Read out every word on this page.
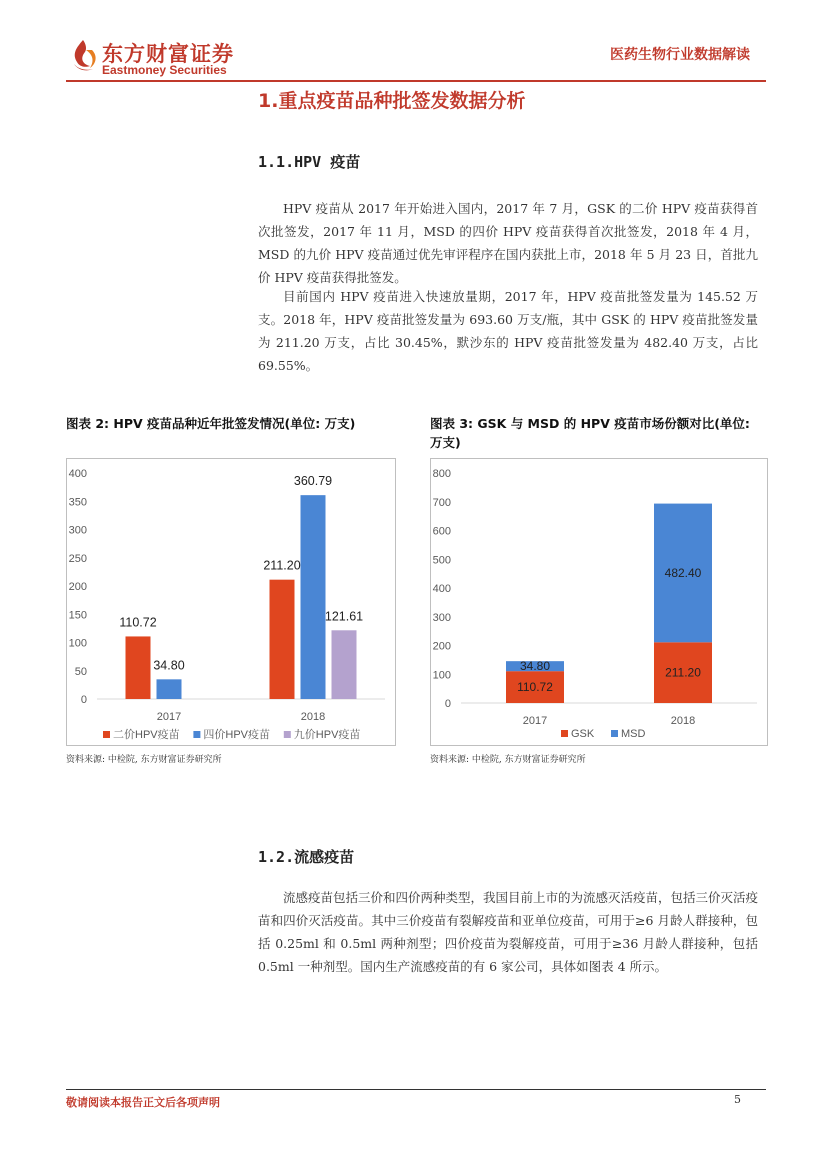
东方财富证券
Eastmoney Securities
医药生物行业数据解读
1.重点疫苗品种批签发数据分析
1.1.HPV 疫苗
HPV 疫苗从 2017 年开始进入国内，2017 年 7 月，GSK 的二价 HPV 疫苗获得首次批签发，2017 年 11 月，MSD 的四价 HPV 疫苗获得首次批签发，2018 年 4 月，MSD 的九价 HPV 疫苗通过优先审评程序在国内获批上市，2018 年 5 月 23 日，首批九价 HPV 疫苗获得批签发。
目前国内 HPV 疫苗进入快速放量期，2017 年，HPV 疫苗批签发量为 145.52 万支。2018 年，HPV 疫苗批签发量为 693.60 万支/瓶，其中 GSK 的 HPV 疫苗批签发量为 211.20 万支，占比 30.45%，默沙东的 HPV 疫苗批签发量为 482.40 万支，占比 69.55%。
图表 2: HPV 疫苗品种近年批签发情况(单位: 万支)
0
50
100
150
200
250
300
350
400
2017
110.72
34.80
2018
211.20
360.79
121.61
二价HPV疫苗 四价HPV疫苗 九价HPV疫苗
资料来源: 中检院, 东方财富证券研究所
图表 3: GSK 与 MSD 的 HPV 疫苗市场份额对比(单位:
万支)
0
100
200
300
400
500
600
700
800
2017
110.72
34.80
2018
211.20
482.40
GSK MSD
资料来源: 中检院, 东方财富证券研究所
1.2.流感疫苗
流感疫苗包括三价和四价两种类型，我国目前上市的为流感灭活疫苗，包括三价灭活疫苗和四价灭活疫苗。其中三价疫苗有裂解疫苗和亚单位疫苗，可用于≥6 月龄人群接种，包括 0.25ml 和 0.5ml 两种剂型；四价疫苗为裂解疫苗，可用于≥36 月龄人群接种，包括 0.5ml 一种剂型。国内生产流感疫苗的有 6 家公司，具体如图表 4 所示。
敬请阅读本报告正文后各项声明	5
